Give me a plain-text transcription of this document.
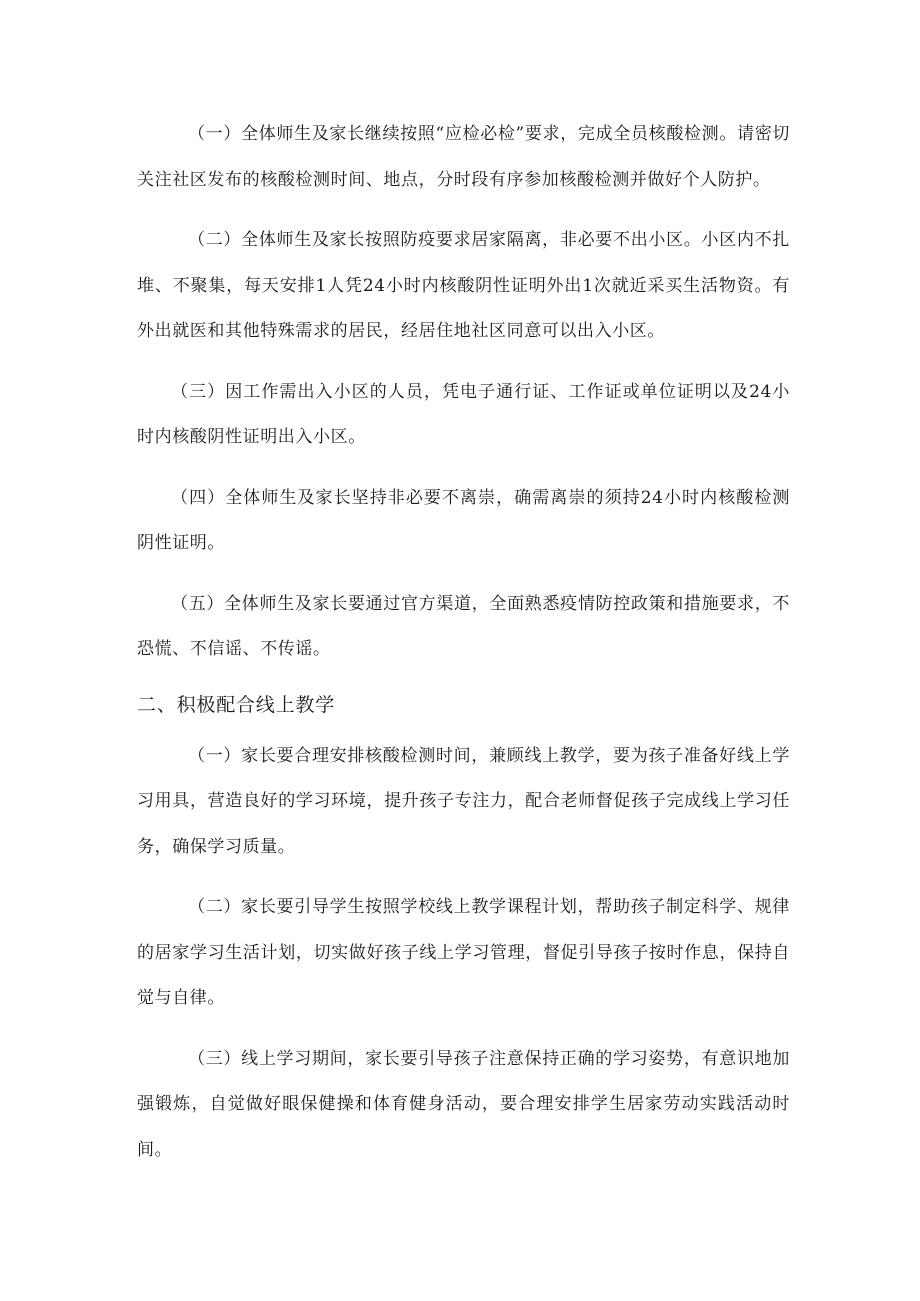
（一）全体师生及家长继续按照“应检必检”要求，完成全员核酸检测。请密切关注社区发布的核酸检测时间、地点，分时段有序参加核酸检测并做好个人防护。

（二）全体师生及家长按照防疫要求居家隔离，非必要不出小区。小区内不扎堆、不聚集，每天安排1人凭24小时内核酸阴性证明外出1次就近采买生活物资。有外出就医和其他特殊需求的居民，经居住地社区同意可以出入小区。

（三）因工作需出入小区的人员，凭电子通行证、工作证或单位证明以及24小时内核酸阴性证明出入小区。

（四）全体师生及家长坚持非必要不离崇，确需离崇的须持24小时内核酸检测阴性证明。

（五）全体师生及家长要通过官方渠道，全面熟悉疫情防控政策和措施要求，不恐慌、不信谣、不传谣。

二、积极配合线上教学

（一）家长要合理安排核酸检测时间，兼顾线上教学，要为孩子准备好线上学习用具，营造良好的学习环境，提升孩子专注力，配合老师督促孩子完成线上学习任务，确保学习质量。

（二）家长要引导学生按照学校线上教学课程计划，帮助孩子制定科学、规律的居家学习生活计划，切实做好孩子线上学习管理，督促引导孩子按时作息，保持自觉与自律。

（三）线上学习期间，家长要引导孩子注意保持正确的学习姿势，有意识地加强锻炼，自觉做好眼保健操和体育健身活动，要合理安排学生居家劳动实践活动时间。
